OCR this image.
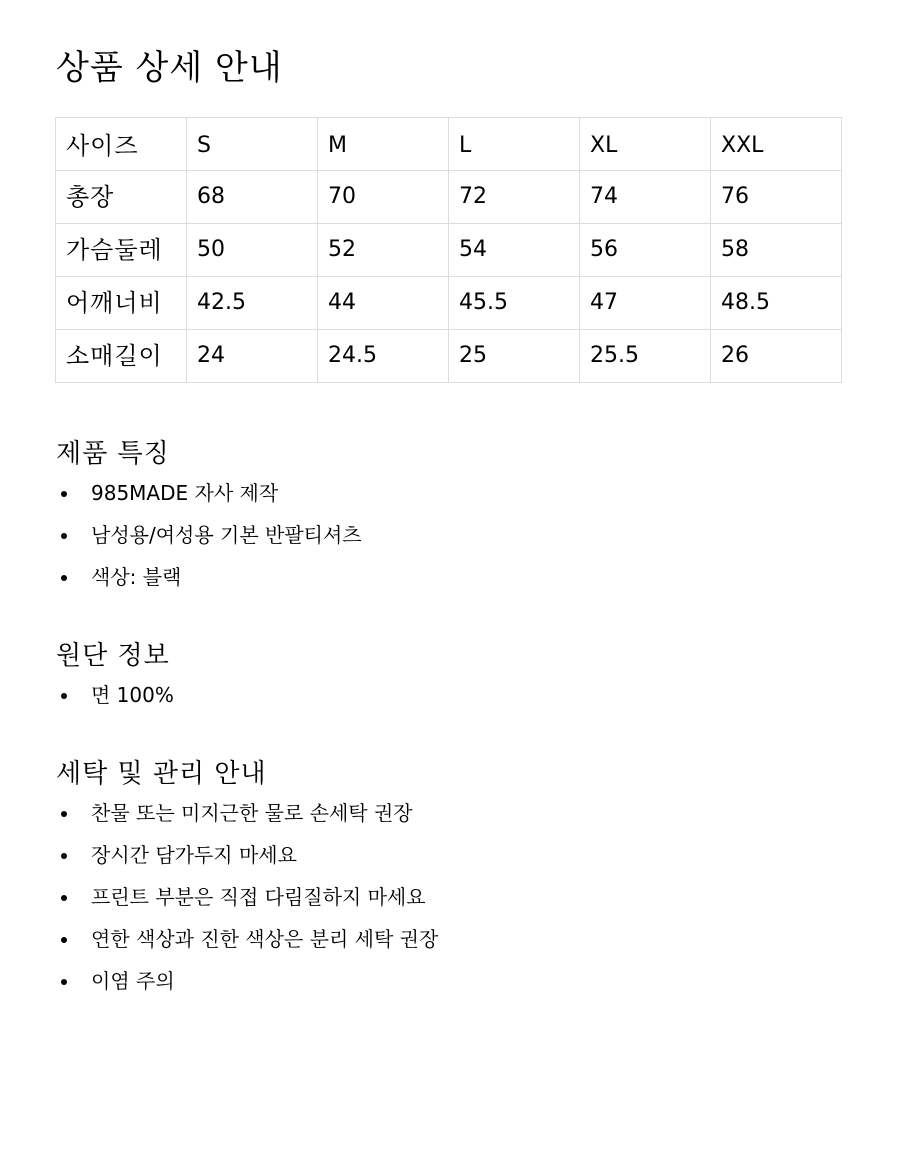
상품 상세 안내
사이즈	S	M	L	XL	XXL
총장	68	70	72	74	76
가슴둘레	50	52	54	56	58
어깨너비	42.5	44	45.5	47	48.5
소매길이	24	24.5	25	25.5	26
제품 특징
985MADE 자사 제작
남성용/여성용 기본 반팔티셔츠
색상: 블랙
원단 정보
면 100%
세탁 및 관리 안내
찬물 또는 미지근한 물로 손세탁 권장
장시간 담가두지 마세요
프린트 부분은 직접 다림질하지 마세요
연한 색상과 진한 색상은 분리 세탁 권장
이염 주의
